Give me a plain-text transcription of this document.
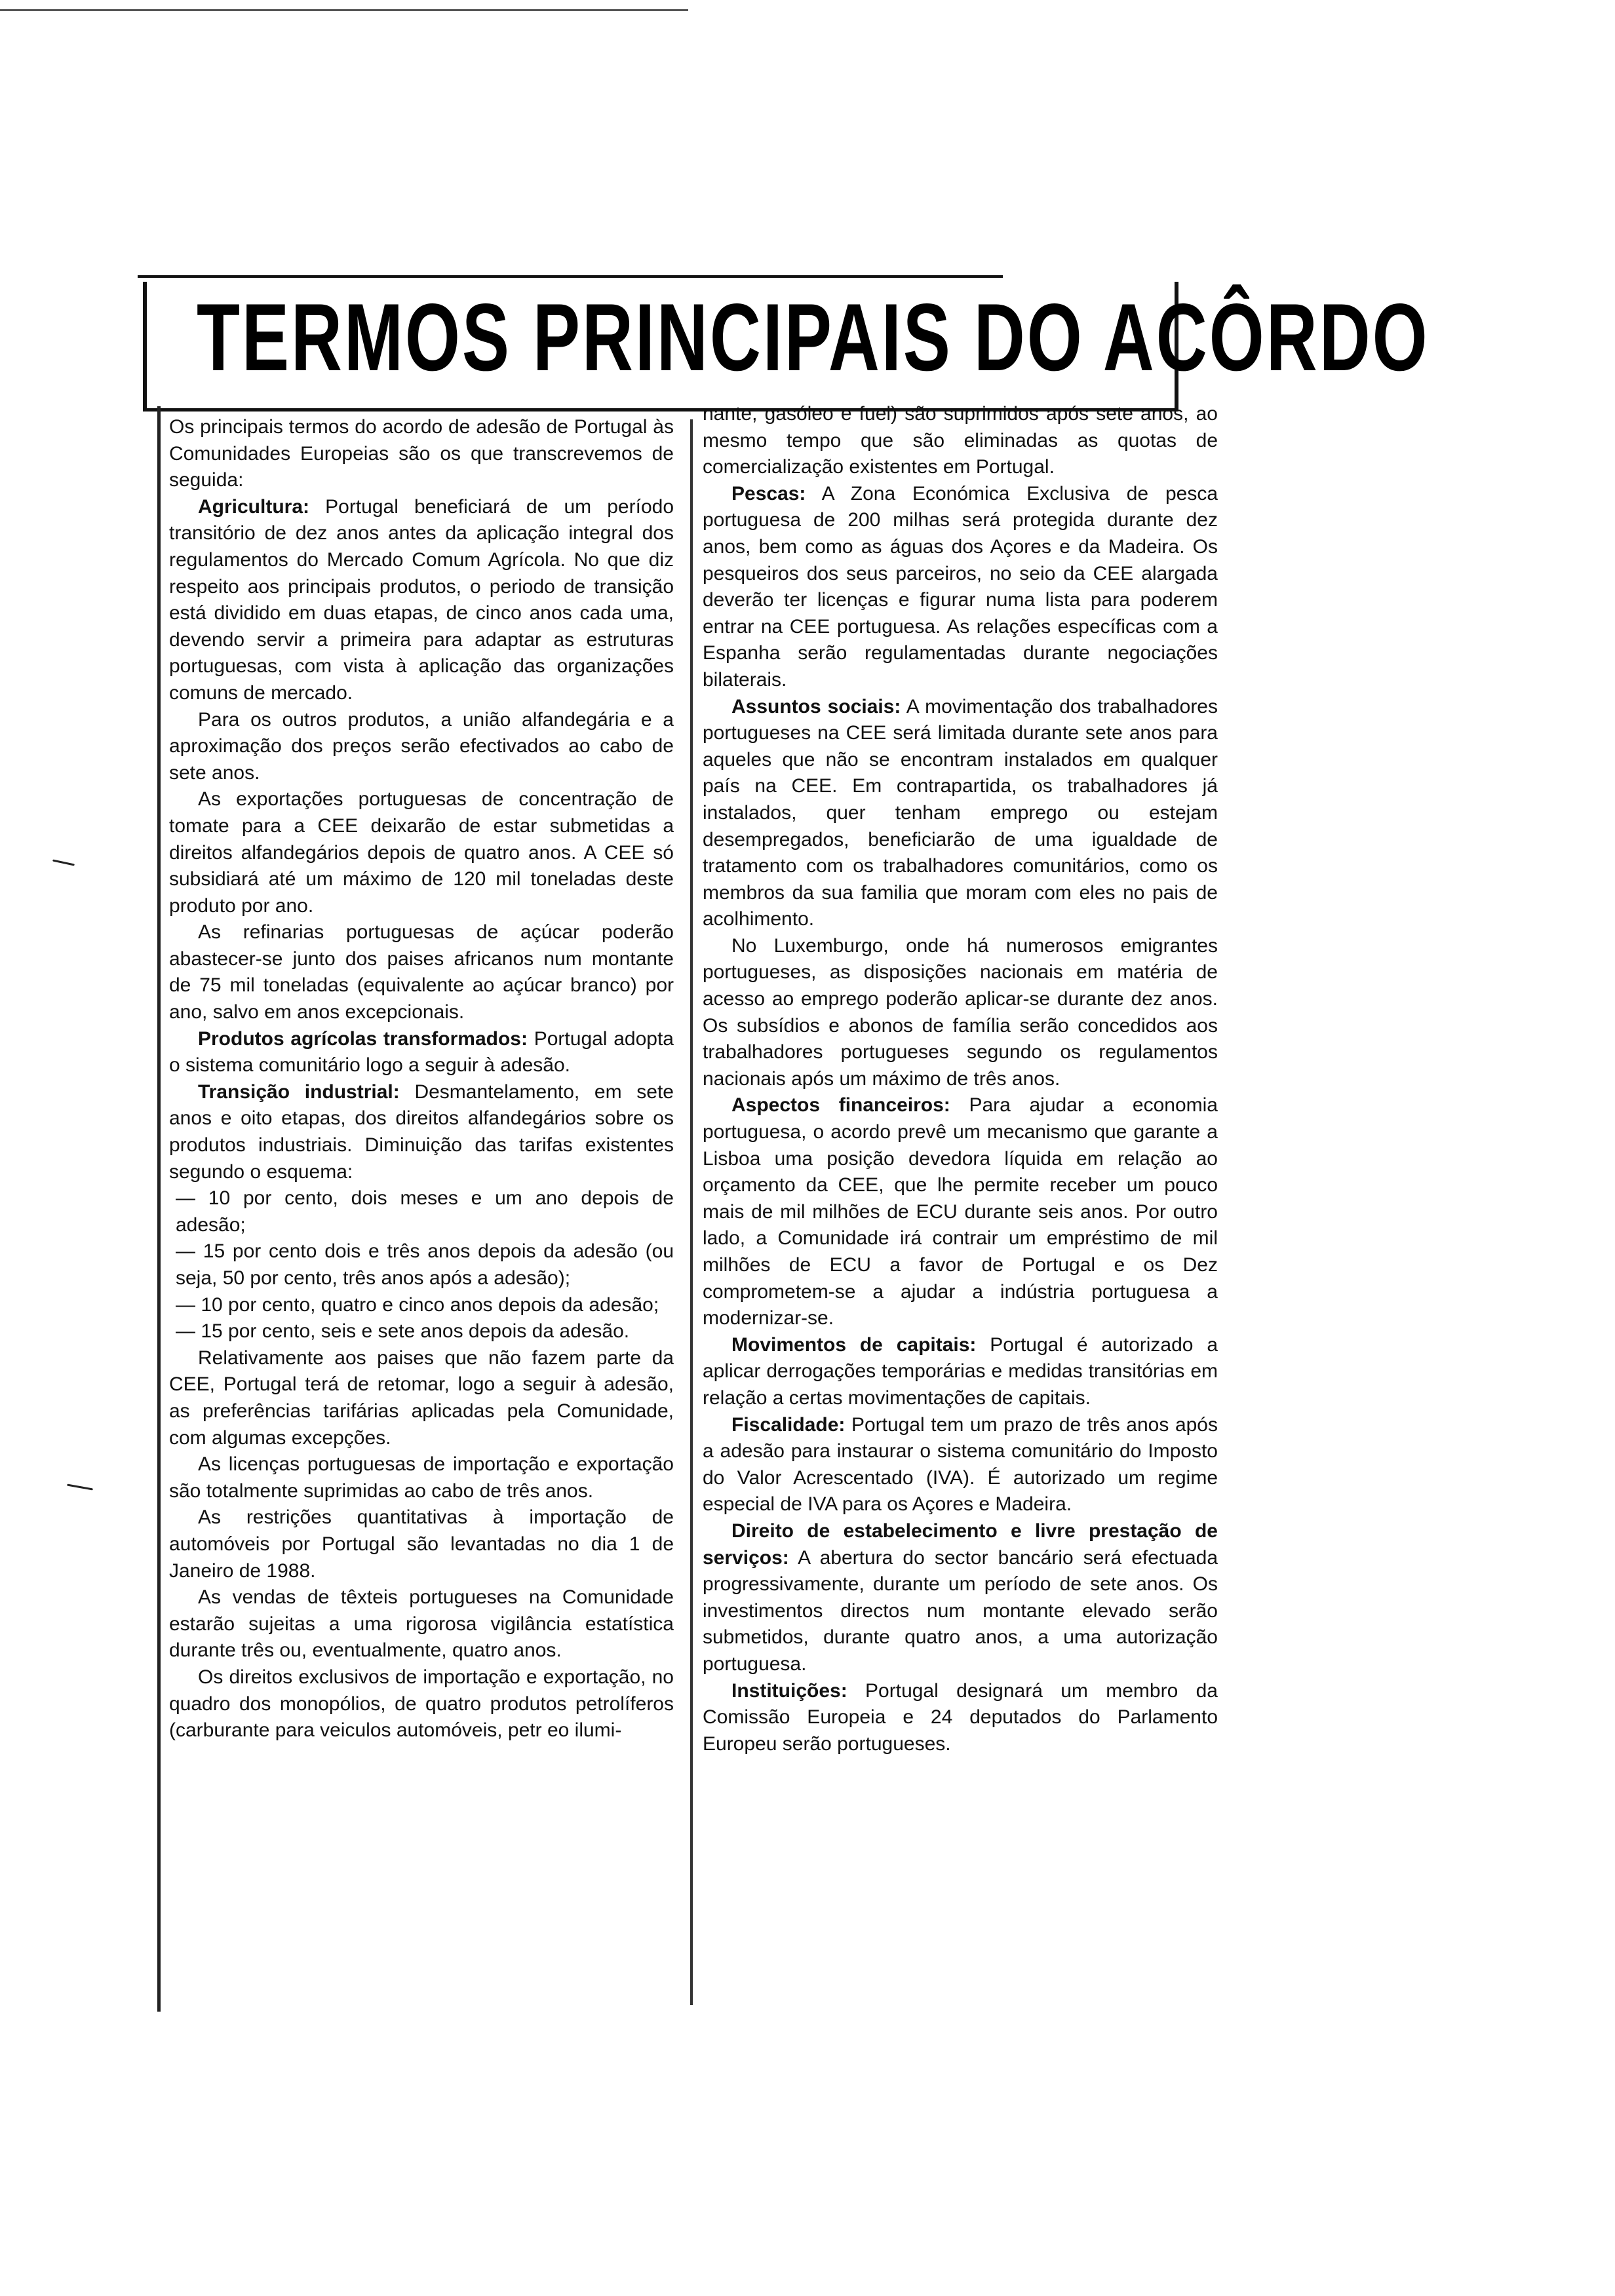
TERMOS PRINCIPAIS DO ACÔRDO

Os principais termos do acordo de adesão de Portugal às Comunidades Europeias são os que transcrevemos de seguida:

Agricultura: Portugal beneficiará de um período transitório de dez anos antes da aplicação integral dos regulamentos do Mercado Comum Agrícola. No que diz respeito aos principais produtos, o periodo de transição está dividido em duas etapas, de cinco anos cada uma, devendo servir a primeira para adaptar as estruturas portuguesas, com vista à aplicação das organizações comuns de mercado.

Para os outros produtos, a união alfandegária e a aproximação dos preços serão efectivados ao cabo de sete anos.

As exportações portuguesas de concentração de tomate para a CEE deixarão de estar submetidas a direitos alfandegários depois de quatro anos. A CEE só subsidiará até um máximo de 120 mil toneladas deste produto por ano.

As refinarias portuguesas de açúcar poderão abastecer-se junto dos paises africanos num montante de 75 mil toneladas (equivalente ao açúcar branco) por ano, salvo em anos excepcionais.

Produtos agrícolas transformados: Portugal adopta o sistema comunitário logo a seguir à adesão.

Transição industrial: Desmantelamento, em sete anos e oito etapas, dos direitos alfandegários sobre os produtos industriais. Diminuição das tarifas existentes segundo o esquema:

— 10 por cento, dois meses e um ano depois de adesão;

— 15 por cento dois e três anos depois da adesão (ou seja, 50 por cento, três anos após a adesão);

— 10 por cento, quatro e cinco anos depois da adesão;

— 15 por cento, seis e sete anos depois da adesão.

Relativamente aos paises que não fazem parte da CEE, Portugal terá de retomar, logo a seguir à adesão, as preferências tarifárias aplicadas pela Comunidade, com algumas excepções.

As licenças portuguesas de importação e exportação são totalmente suprimidas ao cabo de três anos.

As restrições quantitativas à importação de automóveis por Portugal são levantadas no dia 1 de Janeiro de 1988.

As vendas de têxteis portugueses na Comunidade estarão sujeitas a uma rigorosa vigilância estatística durante três ou, eventualmente, quatro anos.

Os direitos exclusivos de importação e exportação, no quadro dos monopólios, de quatro produtos petrolíferos (carburante para veiculos automóveis, petr eo ilumi-

nante, gasóleo e fuel) são suprimidos após sete anos, ao mesmo tempo que são eliminadas as quotas de comercialização existentes em Portugal.

Pescas: A Zona Económica Exclusiva de pesca portuguesa de 200 milhas será protegida durante dez anos, bem como as águas dos Açores e da Madeira. Os pesqueiros dos seus parceiros, no seio da CEE alargada deverão ter licenças e figurar numa lista para poderem entrar na CEE portuguesa. As relações específicas com a Espanha serão regulamentadas durante negociações bilaterais.

Assuntos sociais: A movimentação dos trabalhadores portugueses na CEE será limitada durante sete anos para aqueles que não se encontram instalados em qualquer país na CEE. Em contrapartida, os trabalhadores já instalados, quer tenham emprego ou estejam desempregados, beneficiarão de uma igualdade de tratamento com os trabalhadores comunitários, como os membros da sua familia que moram com eles no pais de acolhimento.

No Luxemburgo, onde há numerosos emigrantes portugueses, as disposições nacionais em matéria de acesso ao emprego poderão aplicar-se durante dez anos. Os subsídios e abonos de família serão concedidos aos trabalhadores portugueses segundo os regulamentos nacionais após um máximo de três anos.

Aspectos financeiros: Para ajudar a economia portuguesa, o acordo prevê um mecanismo que garante a Lisboa uma posição devedora líquida em relação ao orçamento da CEE, que lhe permite receber um pouco mais de mil milhões de ECU durante seis anos. Por outro lado, a Comunidade irá contrair um empréstimo de mil milhões de ECU a favor de Portugal e os Dez comprometem-se a ajudar a indústria portuguesa a modernizar-se.

Movimentos de capitais: Portugal é autorizado a aplicar derrogações temporárias e medidas transitórias em relação a certas movimentações de capitais.

Fiscalidade: Portugal tem um prazo de três anos após a adesão para instaurar o sistema comunitário do Imposto do Valor Acrescentado (IVA). É autorizado um regime especial de IVA para os Açores e Madeira.

Direito de estabelecimento e livre prestação de serviços: A abertura do sector bancário será efectuada progressivamente, durante um período de sete anos. Os investimentos directos num montante elevado serão submetidos, durante quatro anos, a uma autorização portuguesa.

Instituições: Portugal designará um membro da Comissão Europeia e 24 deputados do Parlamento Europeu serão portugueses.
